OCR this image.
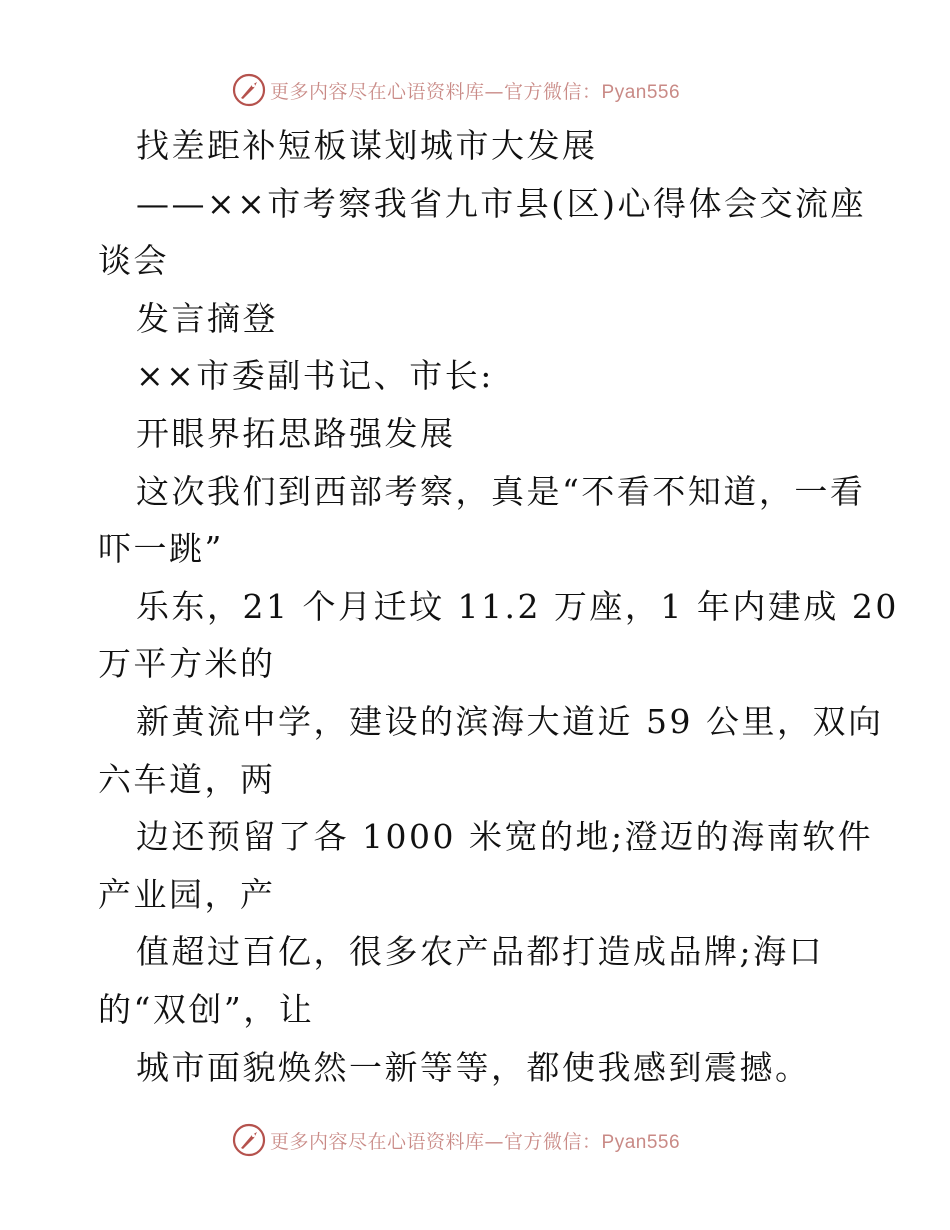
更多内容尽在心语资料库—官方微信：Pyan556
找差距补短板谋划城市大发展
——××市考察我省九市县(区)心得体会交流座
谈会
发言摘登
××市委副书记、市长:
开眼界拓思路强发展
这次我们到西部考察，真是“不看不知道，一看
吓一跳”
乐东，21 个月迁坟 11.2 万座，1 年内建成 20
万平方米的
新黄流中学，建设的滨海大道近 59 公里，双向
六车道，两
边还预留了各 1000 米宽的地;澄迈的海南软件
产业园，产
值超过百亿，很多农产品都打造成品牌;海口
的“双创”，让
城市面貌焕然一新等等，都使我感到震撼。
更多内容尽在心语资料库—官方微信：Pyan556
